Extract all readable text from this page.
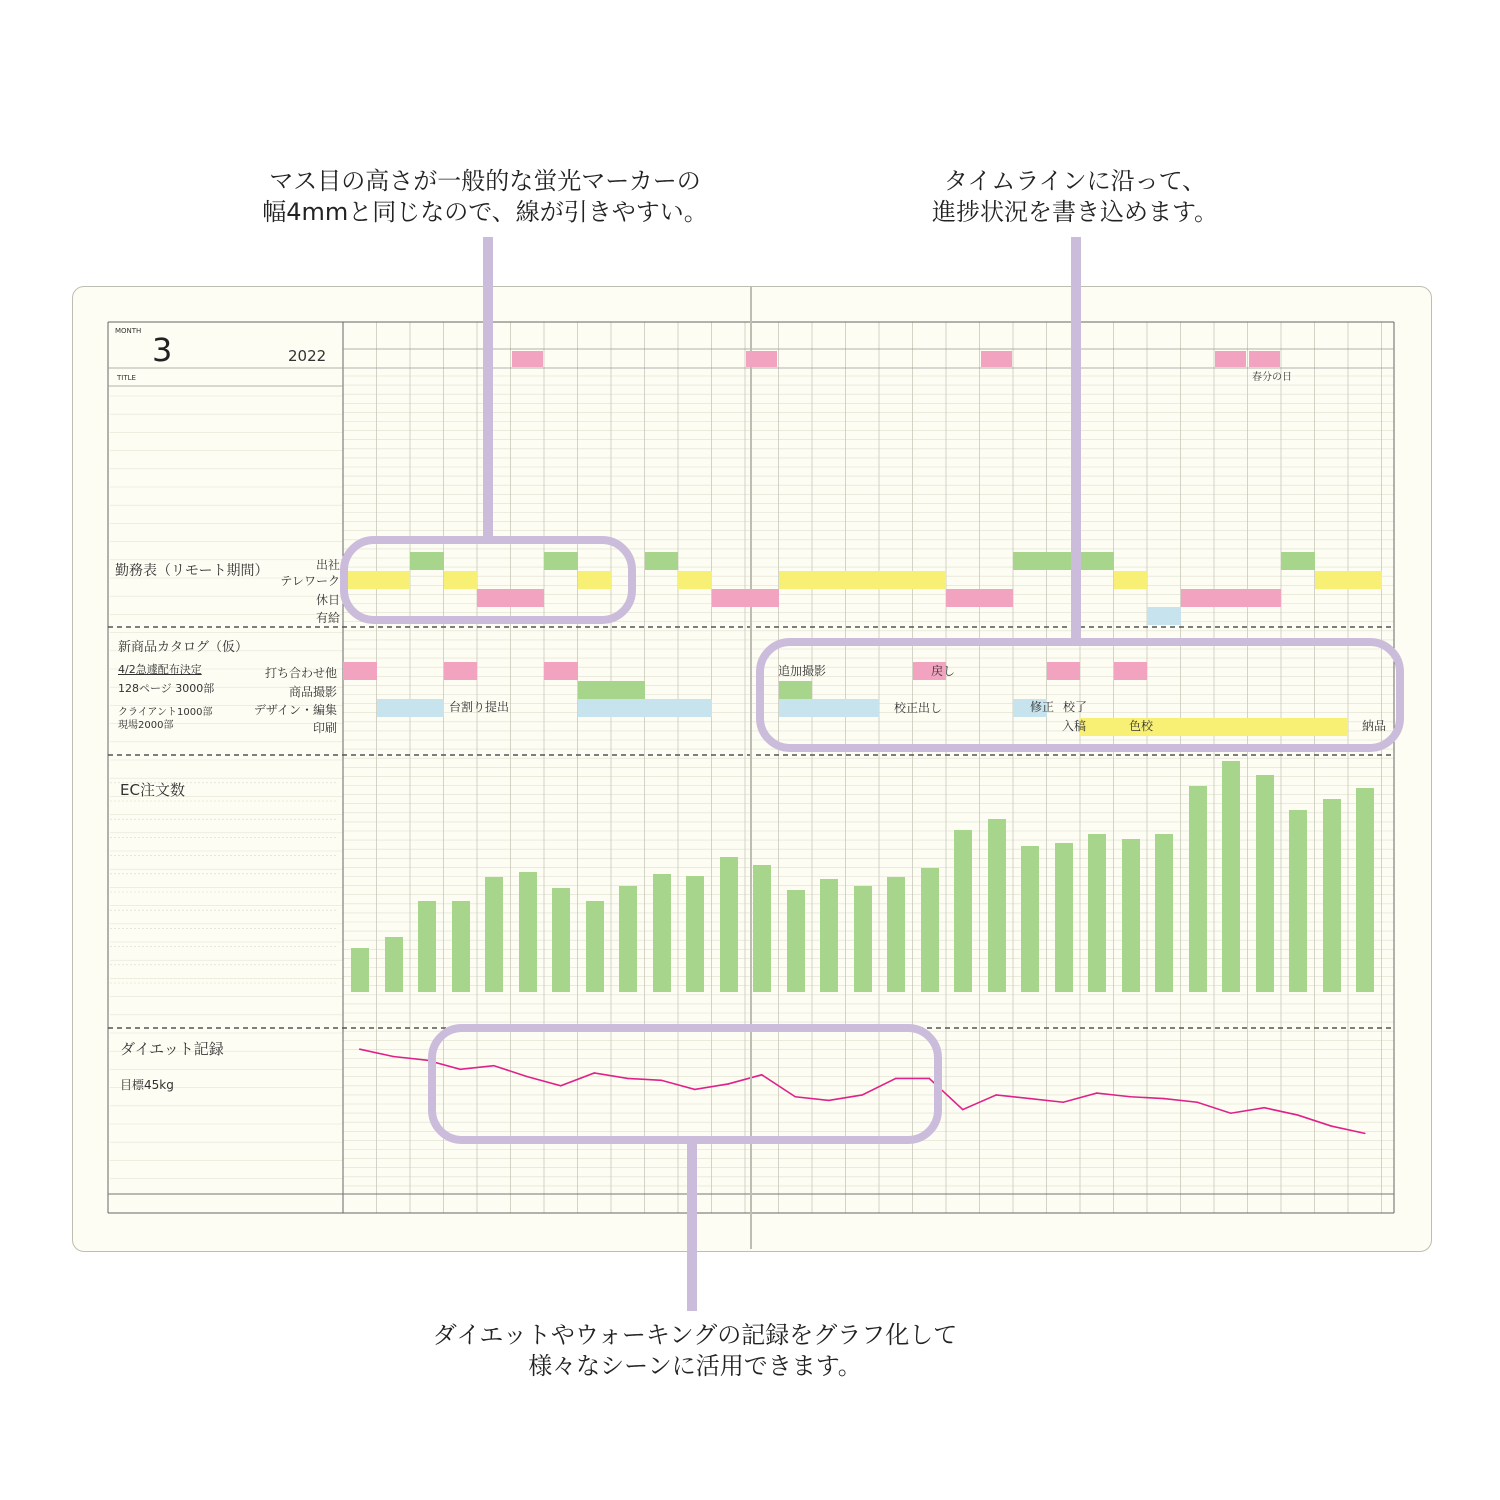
マス目の高さが一般的な蛍光マーカーの
幅4mmと同じなので、線が引きやすい。
タイムラインに沿って、
進捗状況を書き込めます。
ダイエットやウォーキングの記録をグラフ化して
様々なシーンに活用できます。
MONTH 3	2022
TITLE	春分の日
勤務表（リモート期間）	出社
テレワーク
休日
有給
新商品カタログ（仮）
4/2急遽配布決定
128ページ 3000部
クライアント1000部
現場2000部
打ち合わせ他
商品撮影
デザイン・編集
印刷
台割り提出
追加撮影	戻し
校正出し	修正 校了
入稿	色校	納品
EC注文数
ダイエット記録
目標45kg
